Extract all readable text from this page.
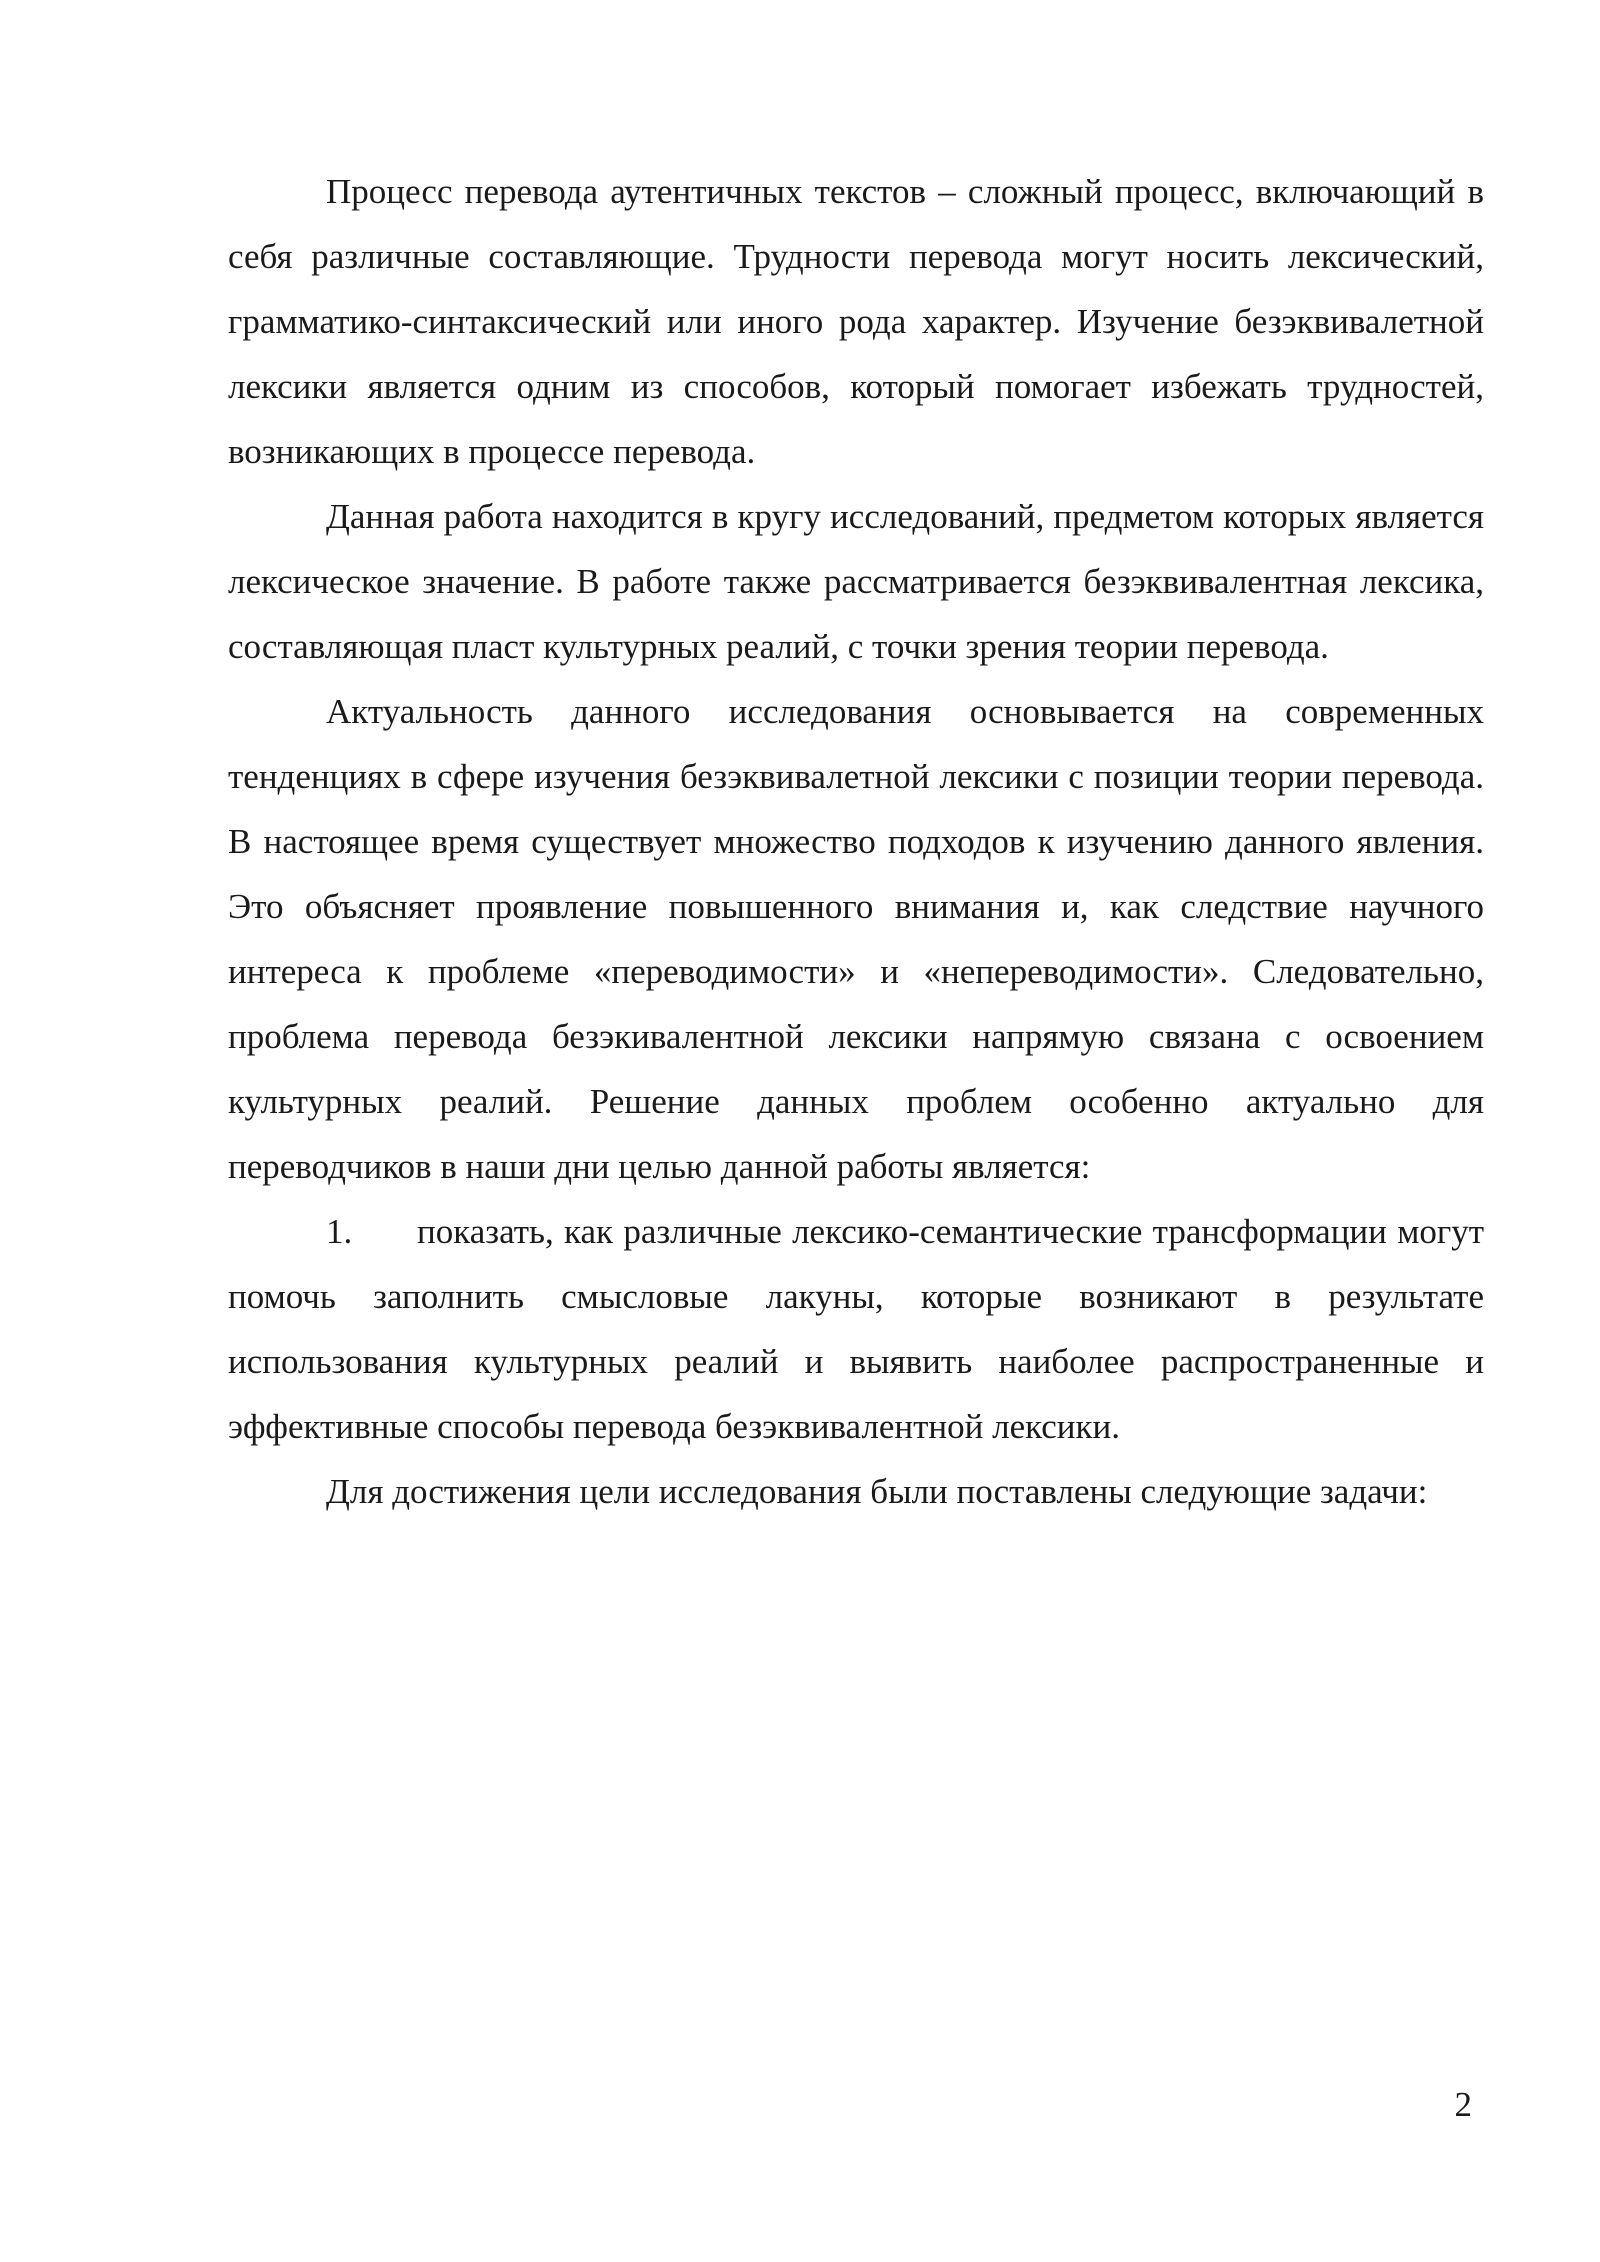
Процесс перевода аутентичных текстов – сложный процесс, включающий в себя различные составляющие. Трудности перевода могут носить лексический, грамматико-синтаксический или иного рода характер. Изучение безэквивалетной лексики является одним из способов, который помогает избежать трудностей, возникающих в процессе перевода.

Данная работа находится в кругу исследований, предметом которых является лексическое значение. В работе также рассматривается безэквивалентная лексика, составляющая пласт культурных реалий, с точки зрения теории перевода.

Актуальность данного исследования основывается на современных тенденциях в сфере изучения безэквивалетной лексики с позиции теории перевода. В настоящее время существует множество подходов к изучению данного явления. Это объясняет проявление повышенного внимания и, как следствие научного интереса к проблеме «переводимости» и «непереводимости». Следовательно, проблема перевода безэкивалентной лексики напрямую связана с освоением культурных реалий. Решение данных проблем особенно актуально для переводчиков в наши дни целью данной работы является:

1. показать, как различные лексико-семантические трансформации могут помочь заполнить смысловые лакуны, которые возникают в результате использования культурных реалий и выявить наиболее распространенные и эффективные способы перевода безэквивалентной лексики.

Для достижения цели исследования были поставлены следующие задачи:

2
